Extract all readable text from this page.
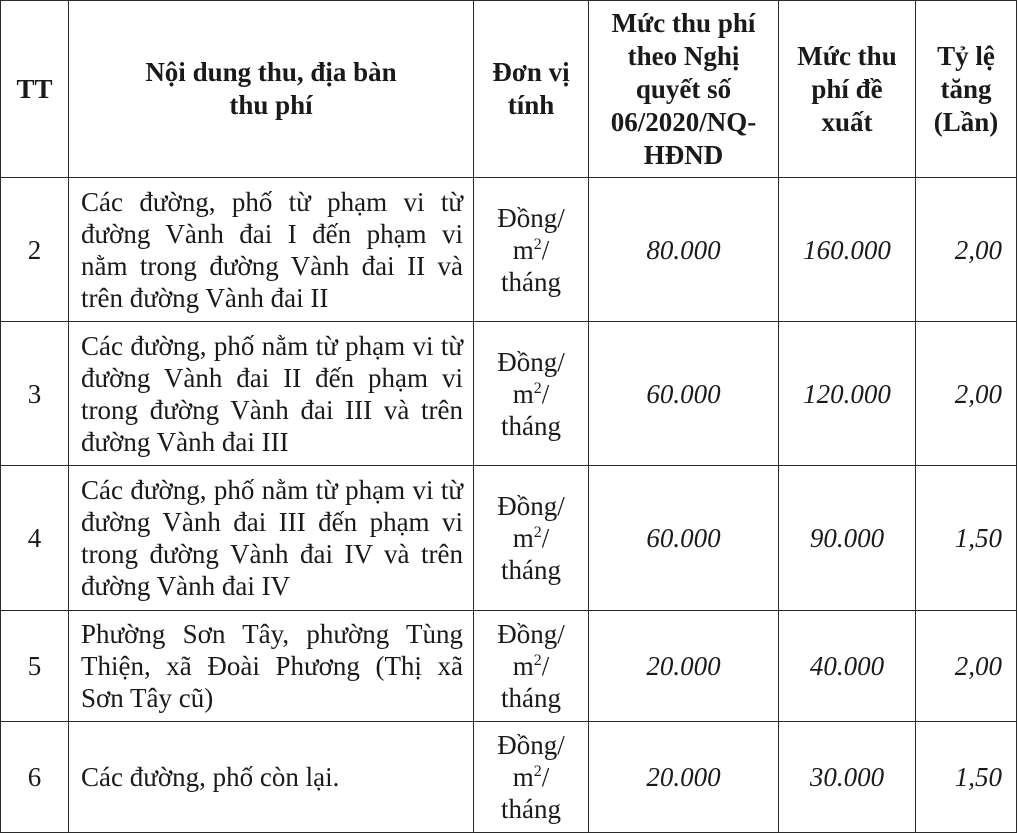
TT	Nội dung thu, địa bàn thu phí	Đơn vị tính	Mức thu phí theo Nghị quyết số 06/2020/NQ-HĐND	Mức thu phí đề xuất	Tỷ lệ tăng (Lần)
2	Các đường, phố từ phạm vi từ đường Vành đai I đến phạm vi nằm trong đường Vành đai II và trên đường Vành đai II	Đồng/
$m^2/$
tháng	80.000	160.000	2,00
3	Các đường, phố nằm từ phạm vi từ đường Vành đai II đến phạm vi trong đường Vành đai III và trên đường Vành đai III	Đồng/
$m^2/$
tháng	60.000	120.000	2,00
4	Các đường, phố nằm từ phạm vi từ đường Vành đai III đến phạm vi trong đường Vành đai IV và trên đường Vành đai IV	Đồng/
$m^2/$
tháng	60.000	90.000	1,50
5	Phường Sơn Tây, phường Tùng Thiện, xã Đoài Phương (Thị xã Sơn Tây cũ)	Đồng/
$m^2/$
tháng	20.000	40.000	2,00
6	Các đường, phố còn lại.	Đồng/
$m^2/$
tháng	20.000	30.000	1,50
